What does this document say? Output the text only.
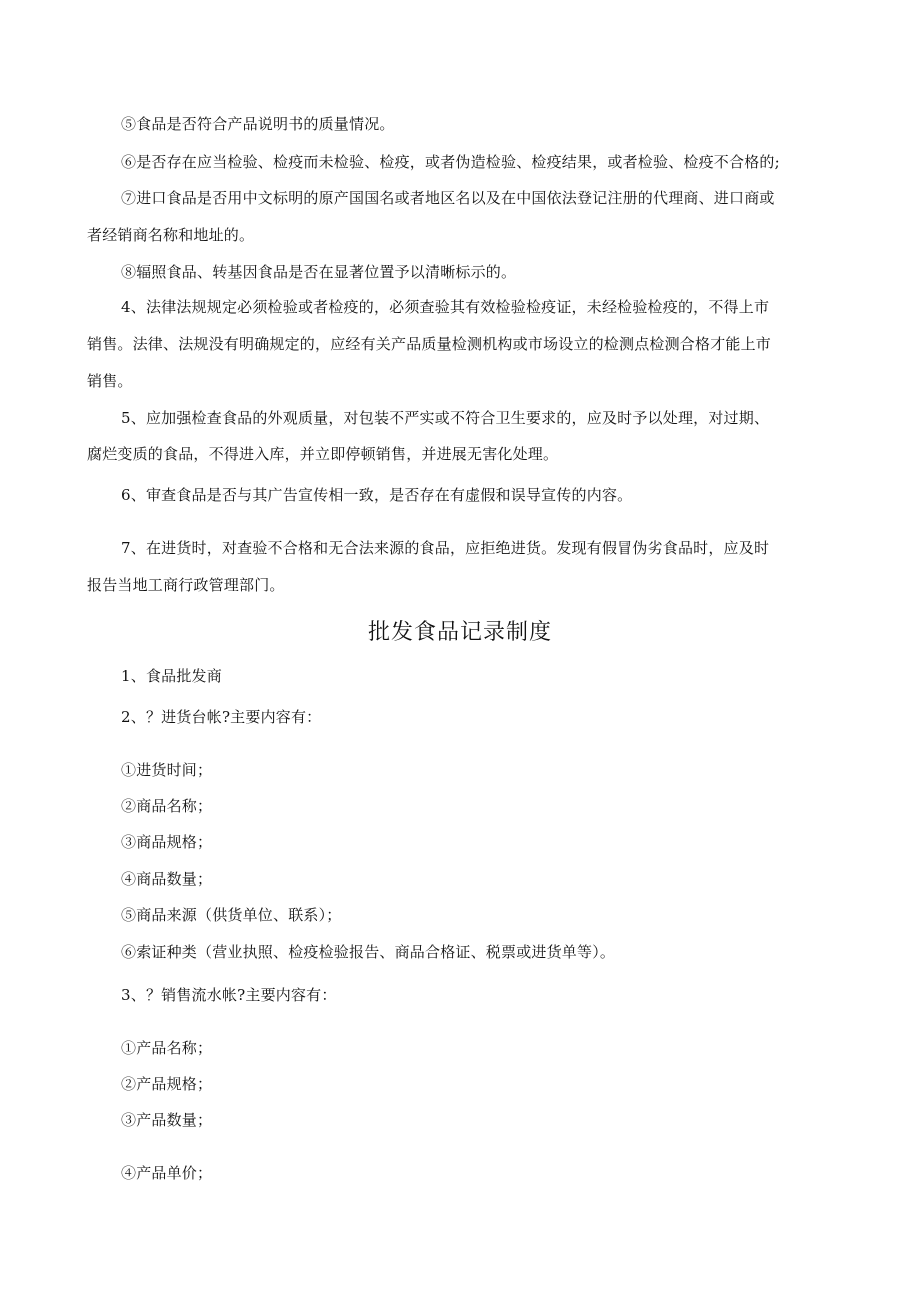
⑤食品是否符合产品说明书的质量情况。

⑥是否存在应当检验、检疫而未检验、检疫，或者伪造检验、检疫结果，或者检验、检疫不合格的;

⑦进口食品是否用中文标明的原产国国名或者地区名以及在中国依法登记注册的代理商、进口商或

者经销商名称和地址的。

⑧辐照食品、转基因食品是否在显著位置予以清晰标示的。

4、法律法规规定必须检验或者检疫的，必须查验其有效检验检疫证，未经检验检疫的，不得上市

销售。法律、法规没有明确规定的，应经有关产品质量检测机构或市场设立的检测点检测合格才能上市

销售。

5、应加强检查食品的外观质量，对包装不严实或不符合卫生要求的，应及时予以处理，对过期、

腐烂变质的食品，不得进入库，并立即停顿销售，并进展无害化处理。

6、审查食品是否与其广告宣传相一致，是否存在有虚假和误导宣传的内容。

7、在进货时，对查验不合格和无合法来源的食品，应拒绝进货。发现有假冒伪劣食品时，应及时

报告当地工商行政管理部门。

批发食品记录制度

1、食品批发商

2、？进货台帐?主要内容有：

①进货时间；

②商品名称；

③商品规格；

④商品数量；

⑤商品来源（供货单位、联系）；

⑥索证种类（营业执照、检疫检验报告、商品合格证、税票或进货单等）。

3、？销售流水帐?主要内容有：

①产品名称；

②产品规格；

③产品数量；

④产品单价；
